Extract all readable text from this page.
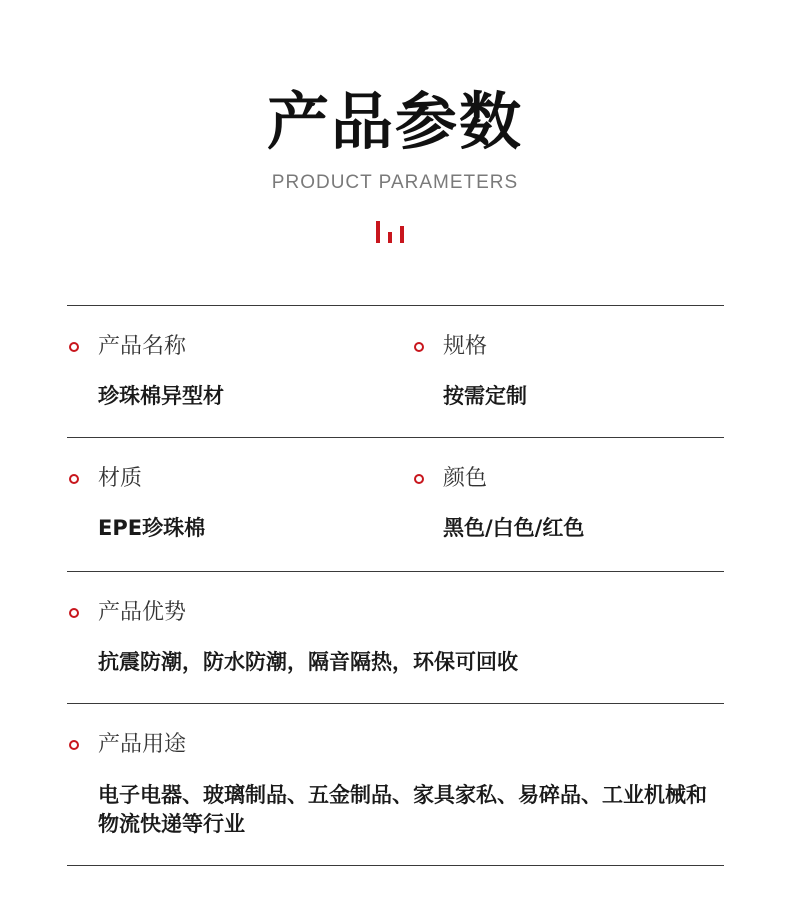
产品参数
PRODUCT PARAMETERS
产品名称
珍珠棉异型材
规格
按需定制
材质
EPE珍珠棉
颜色
黑色/白色/红色
产品优势
抗震防潮，防水防潮，隔音隔热，环保可回收
产品用途
电子电器、玻璃制品、五金制品、家具家私、易碎品、工业机械和物流快递等行业
